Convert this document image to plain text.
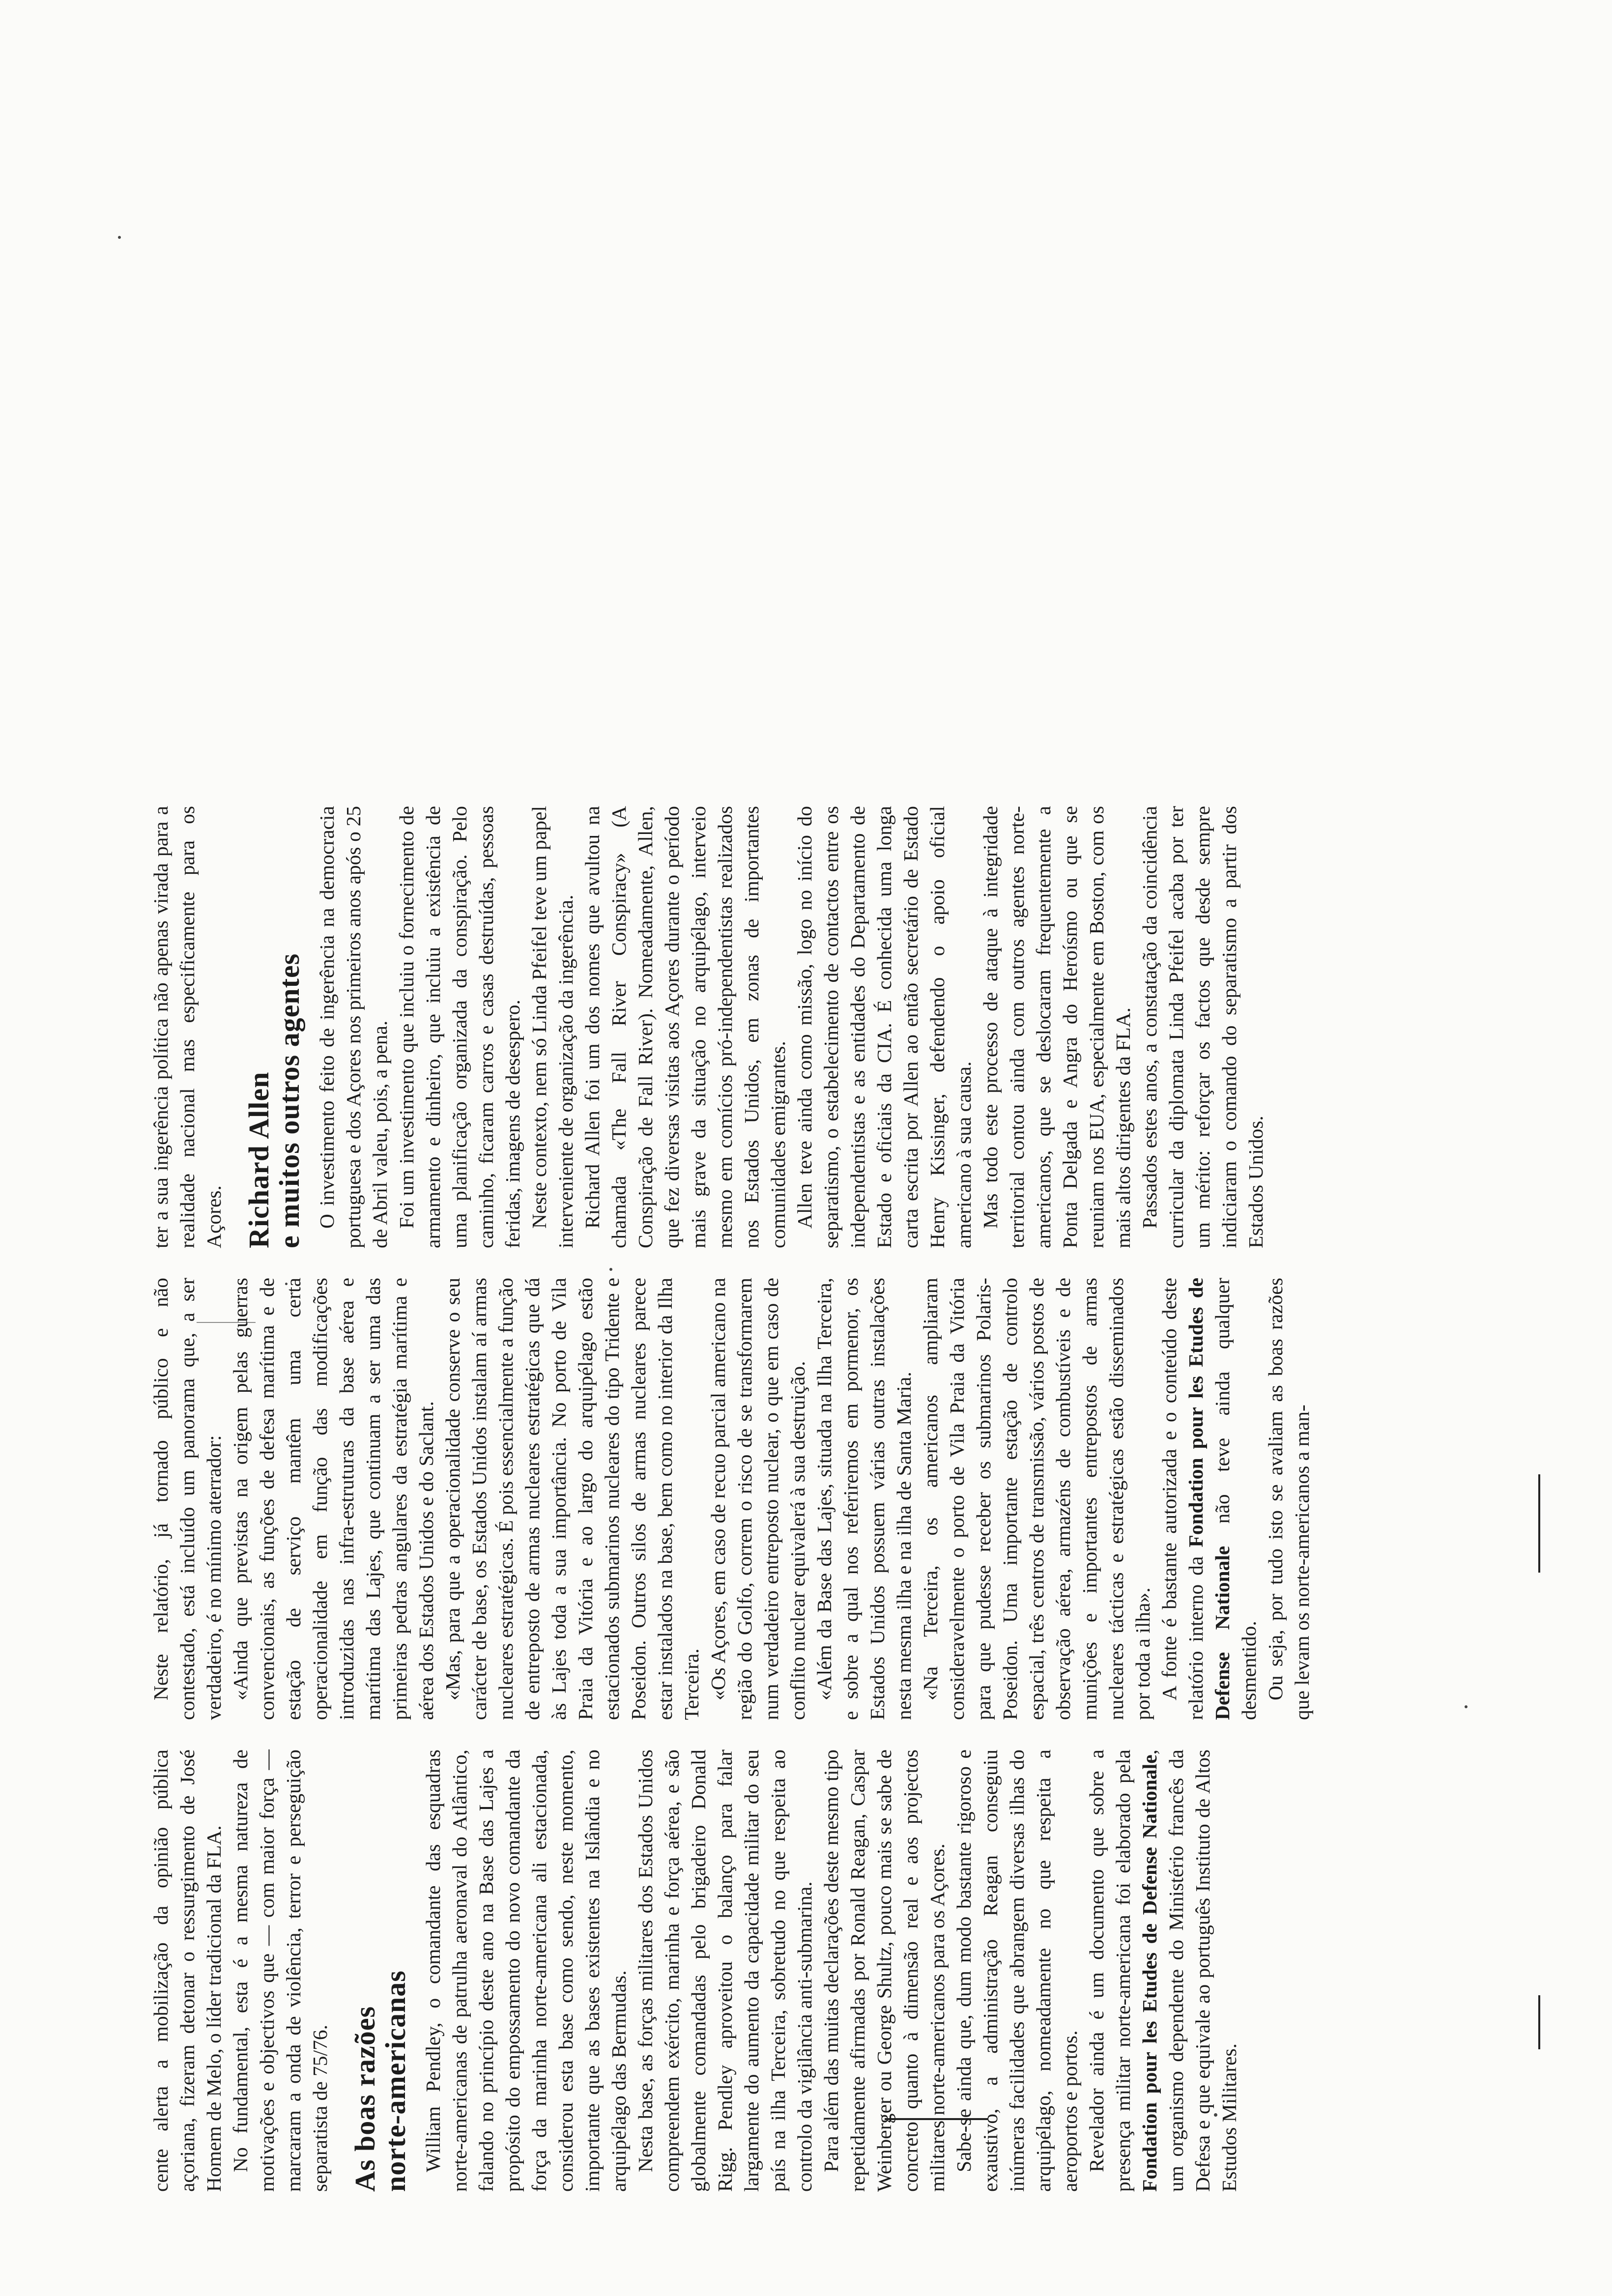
cente alerta a mobilização da opinião pública açoriana, fizeram detonar o ressurgimento de José Homem de Melo, o líder tradicional da FLA. No fundamental, esta é a mesma natureza de motivações e objectivos que — com maior força — marcaram a onda de violência, terror e perseguição separatista de 75/76. As boas razões
norte-americanas William Pendley, o comandante das esquadras norte-americanas de patrulha aeronaval do Atlântico, falando no princípio deste ano na Base das Lajes a propósito do empossamento do novo comandante da força da marinha norte-americana ali estacionada, considerou esta base como sendo, neste momento, importante que as bases existentes na Islândia e no arquipélago das Bermudas. Nesta base, as forças militares dos Estados Unidos compreendem exército, marinha e força aérea, e são globalmente comandadas pelo brigadeiro Donald Rigg. Pendley aproveitou o balanço para falar largamente do aumento da capacidade militar do seu país na ilha Terceira, sobretudo no que respeita ao controlo da vigilância anti-submarina. Para além das muitas declarações deste mesmo tipo repetidamente afirmadas por Ronald Reagan, Caspar Weinberger ou George Shultz, pouco mais se sabe de concreto quanto à dimensão real e aos projectos militares norte-americanos para os Açores. Sabe-se ainda que, dum modo bastante rigoroso e exaustivo, a administração Reagan conseguiu inúmeras facilidades que abrangem diversas ilhas do arquipélago, nomeadamente no que respeita a aeroportos e portos. Revelador ainda é um documento que sobre a presença militar norte-americana foi elaborado pela Fondation pour les Etudes de Defense Nationale, um organismo dependente do Ministério francês da Defesa e que equivale ao português Instituto de Altos Estudos Militares.

Neste relatório, já tornado público e não contestado, está incluído um panorama que, a ser verdadeiro, é no mínimo aterrador: «Ainda que previstas na origem pelas guerras convencionais, as funções de defesa marítima e de estação de serviço mantêm uma certa operacionalidade em função das modificações introduzidas nas infra-estruturas da base aérea e marítima das Lajes, que continuam a ser uma das primeiras pedras angulares da estratégia marítima e aérea dos Estados Unidos e do Saclant. «Mas, para que a operacionalidade conserve o seu carácter de base, os Estados Unidos instalam aí armas nucleares estratégicas. É pois essencialmente a função de entreposto de armas nucleares estratégicas que dá às Lajes toda a sua importância. No porto de Vila Praia da Vitória e ao largo do arquipélago estão estacionados submarinos nucleares do tipo Tridente e Poseidon. Outros silos de armas nucleares parece estar instalados na base, bem como no interior da Ilha Terceira. «Os Açores, em caso de recuo parcial americano na região do Golfo, correm o risco de se transformarem num verdadeiro entreposto nuclear, o que em caso de conflito nuclear equivalerá à sua destruição. «Além da Base das Lajes, situada na Ilha Terceira, e sobre a qual nos referiremos em pormenor, os Estados Unidos possuem várias outras instalações nesta mesma ilha e na ilha de Santa Maria. «Na Terceira, os americanos ampliaram consideravelmente o porto de Vila Praia da Vitória para que pudesse receber os submarinos Polaris-Poseidon. Uma importante estação de controlo espacial, três centros de transmissão, vários postos de observação aérea, armazéns de combustíveis e de munições e importantes entrepostos de armas nucleares tácticas e estratégicas estão disseminados por toda a ilha». A fonte é bastante autorizada e o conteúdo deste relatório interno da Fondation pour les Etudes de Defense Nationale não teve ainda qualquer desmentido. Ou seja, por tudo isto se avaliam as boas razões que levam os norte-americanos a man-

ter a sua ingerência política não apenas virada para a realidade nacional mas especificamente para os Açores. Richard Allen
e muitos outros agentes O investimento feito de ingerência na democracia portuguesa e dos Açores nos primeiros anos após o 25 de Abril valeu, pois, a pena. Foi um investimento que incluiu o fornecimento de armamento e dinheiro, que incluiu a existência de uma planificação organizada da conspiração. Pelo caminho, ficaram carros e casas destruídas, pessoas feridas, imagens de desespero. Neste contexto, nem só Linda Pfeifel teve um papel interveniente de organização da ingerência. Richard Allen foi um dos nomes que avultou na chamada «The Fall River Conspiracy» (A Conspiração de Fall River). Nomeadamente, Allen, que fez diversas visitas aos Açores durante o período mais grave da situação no arquipélago, interveio mesmo em comícios pró-independentistas realizados nos Estados Unidos, em zonas de importantes comunidades emigrantes. Allen teve ainda como missão, logo no início do separatismo, o estabelecimento de contactos entre os independentistas e as entidades do Departamento de Estado e oficiais da CIA. É conhecida uma longa carta escrita por Allen ao então secretário de Estado Henry Kissinger, defendendo o apoio oficial americano à sua causa. Mas todo este processo de ataque à integridade territorial contou ainda com outros agentes norte-americanos, que se deslocaram frequentemente a Ponta Delgada e Angra do Heroísmo ou que se reuniam nos EUA, especialmente em Boston, com os mais altos dirigentes da FLA. Passados estes anos, a constatação da coincidência curricular da diplomata Linda Pfeifel acaba por ter um mérito: reforçar os factos que desde sempre indiciaram o comando do separatismo a partir dos Estados Unidos.
